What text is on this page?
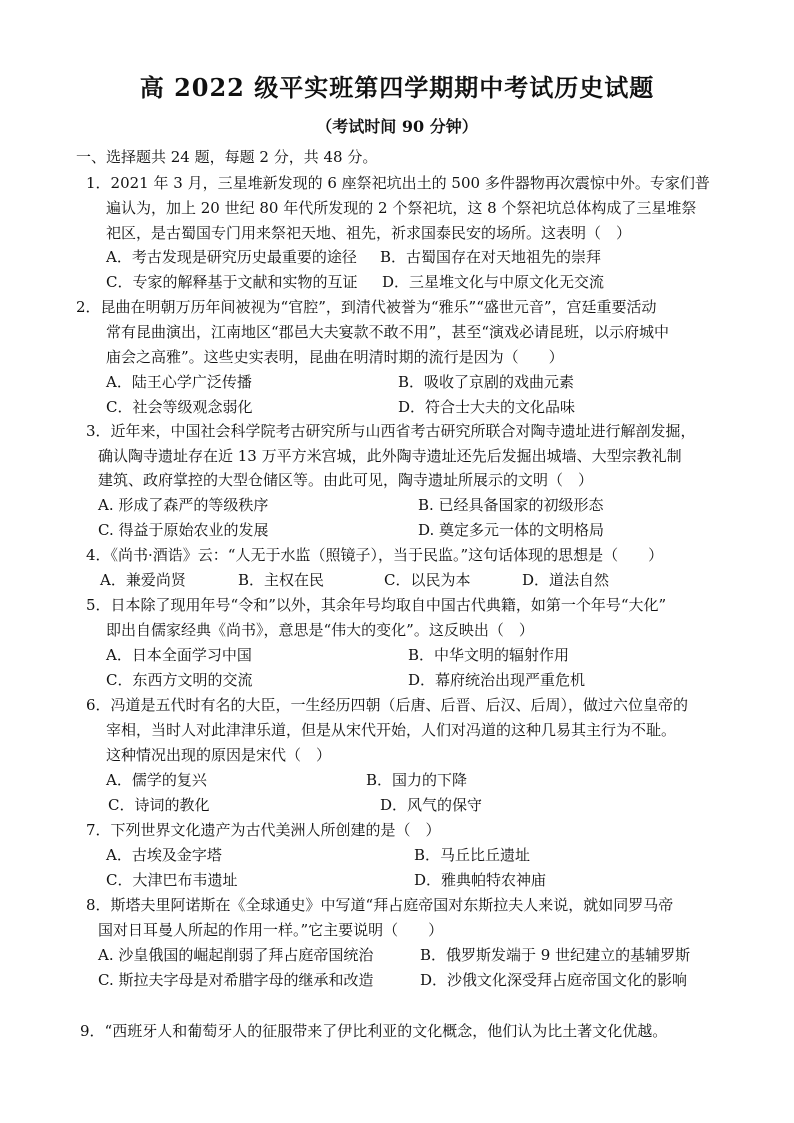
高 2022 级平实班第四学期期中考试历史试题
（考试时间 90 分钟）
一、选择题共 24 题，每题 2 分，共 48 分。
1．2021 年 3 月，三星堆新发现的 6 座祭祀坑出土的 500 多件器物再次震惊中外。专家们普
遍认为，加上 20 世纪 80 年代所发现的 2 个祭祀坑，这 8 个祭祀坑总体构成了三星堆祭
祀区，是古蜀国专门用来祭祀天地、祖先，祈求国泰民安的场所。这表明（　）
A．考古发现是研究历史最重要的途径 B．古蜀国存在对天地祖先的崇拜
C．专家的解释基于文献和实物的互证 D．三星堆文化与中原文化无交流
2．昆曲在明朝万历年间被视为“官腔”，到清代被誉为“雅乐”“盛世元音”，宫廷重要活动
常有昆曲演出，江南地区“郡邑大夫宴款不敢不用”，甚至“演戏必请昆班，以示府城中
庙会之高雅”。这些史实表明，昆曲在明清时期的流行是因为（　　）
A．陆王心学广泛传播	B．吸收了京剧的戏曲元素
C．社会等级观念弱化	D．符合士大夫的文化品味
3．近年来，中国社会科学院考古研究所与山西省考古研究所联合对陶寺遗址进行解剖发掘，
确认陶寺遗址存在近 13 万平方米宫城，此外陶寺遗址还先后发掘出城墙、大型宗教礼制
建筑、政府掌控的大型仓储区等。由此可见，陶寺遗址所展示的文明（　）
A. 形成了森严的等级秩序	B. 已经具备国家的初级形态
C. 得益于原始农业的发展	D. 奠定多元一体的文明格局
4．《尚书·酒诰》云：“人无于水监（照镜子），当于民监。”这句话体现的思想是（　　）
A．兼爱尚贤	B．主权在民	C．以民为本	D．道法自然
5．日本除了现用年号“令和”以外，其余年号均取自中国古代典籍，如第一个年号“大化”
即出自儒家经典《尚书》，意思是“伟大的变化”。这反映出（　）
A．日本全面学习中国	B．中华文明的辐射作用
C．东西方文明的交流	D．幕府统治出现严重危机
6．冯道是五代时有名的大臣，一生经历四朝（后唐、后晋、后汉、后周），做过六位皇帝的
宰相，当时人对此津津乐道，但是从宋代开始，人们对冯道的这种几易其主行为不耻。
这种情况出现的原因是宋代（　）
A．儒学的复兴	B．国力的下降
C．诗词的教化	D．风气的保守
7．下列世界文化遗产为古代美洲人所创建的是（　）
A．古埃及金字塔	B．马丘比丘遗址
C．大津巴布韦遗址	D．雅典帕特农神庙
8．斯塔夫里阿诺斯在《全球通史》中写道“拜占庭帝国对东斯拉夫人来说，就如同罗马帝
国对日耳曼人所起的作用一样。”它主要说明（　　）
A. 沙皇俄国的崛起削弱了拜占庭帝国统治	B．俄罗斯发端于 9 世纪建立的基辅罗斯
C. 斯拉夫字母是对希腊字母的继承和改造	D．沙俄文化深受拜占庭帝国文化的影响
9．“西班牙人和葡萄牙人的征服带来了伊比利亚的文化概念，他们认为比土著文化优越。
